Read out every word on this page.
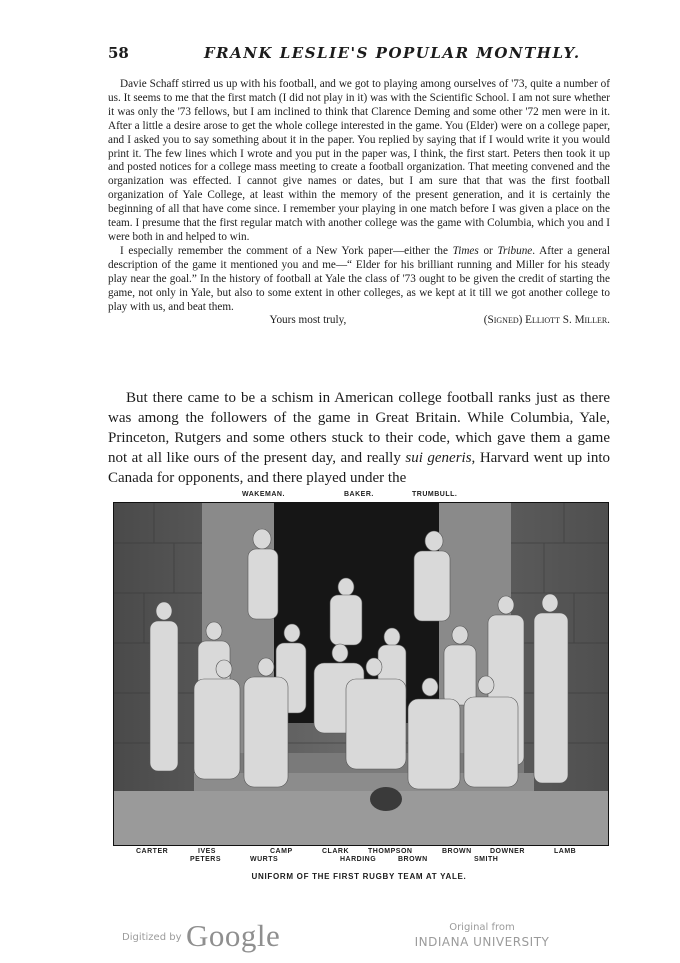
58	FRANK LESLIE'S POPULAR MONTHLY.

Davie Schaff stirred us up with his football, and we got to playing among ourselves of '73, quite a number of us. It seems to me that the first match (I did not play in it) was with the Scientific School. I am not sure whether it was only the '73 fellows, but I am inclined to think that Clarence Deming and some other '72 men were in it. After a little a desire arose to get the whole college interested in the game. You (Elder) were on a college paper, and I asked you to say something about it in the paper. You replied by saying that if I would write it you would print it. The few lines which I wrote and you put in the paper was, I think, the first start. Peters then took it up and posted notices for a college mass meeting to create a football organization. That meeting convened and the organization was effected. I cannot give names or dates, but I am sure that that was the first football organization of Yale College, at least within the memory of the present generation, and it is certainly the beginning of all that have come since. I remember your playing in one match before I was given a place on the team. I presume that the first regular match with another college was the game with Columbia, which you and I were both in and helped to win.

I especially remember the comment of a New York paper—either the Times or Tribune. After a general description of the game it mentioned you and me—“ Elder for his brilliant running and Miller for his steady play near the goal.” In the history of football at Yale the class of '73 ought to be given the credit of starting the game, not only in Yale, but also to some extent in other colleges, as we kept at it till we got another college to play with us, and beat them.

Yours most truly,	(Signed) Elliott S. Miller.

But there came to be a schism in American college football ranks just as there was among the followers of the game in Great Britain. While Columbia, Yale, Princeton, Rutgers and some others stuck to their code, which gave them a game not at all like ours of the present day, and really sui generis, Harvard went up into Canada for opponents, and there played under the

WAKEMAN.	BAKER.	TRUMBULL.
CARTER	IVES	CAMP	CLARK	THOMPSON	BROWN	DOWNER	LAMB
PETERS	WURTS	HARDING	BROWN	SMITH
UNIFORM OF THE FIRST RUGBY TEAM AT YALE.
Digitized by Google	Original from
INDIANA UNIVERSITY
